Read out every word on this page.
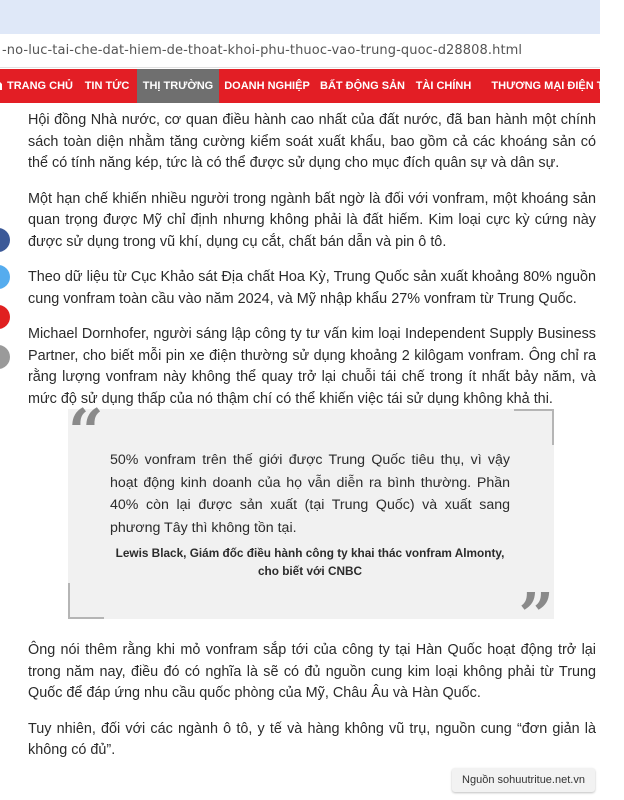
-no-luc-tai-che-dat-hiem-de-thoat-khoi-phu-thuoc-vao-trung-quoc-d28808.html
TRANG CHỦ	TIN TỨC	THỊ TRƯỜNG	DOANH NGHIỆP BẤT ĐỘNG SẢN TÀI CHÍNH	THƯƠNG MẠI ĐIỆN TỬ

Hội đồng Nhà nước, cơ quan điều hành cao nhất của đất nước, đã ban hành một chính sách toàn diện nhằm tăng cường kiểm soát xuất khẩu, bao gồm cả các khoáng sản có thể có tính năng kép, tức là có thể được sử dụng cho mục đích quân sự và dân sự.

Một hạn chế khiến nhiều người trong ngành bất ngờ là đối với vonfram, một khoáng sản quan trọng được Mỹ chỉ định nhưng không phải là đất hiếm. Kim loại cực kỳ cứng này được sử dụng trong vũ khí, dụng cụ cắt, chất bán dẫn và pin ô tô.

Theo dữ liệu từ Cục Khảo sát Địa chất Hoa Kỳ, Trung Quốc sản xuất khoảng 80% nguồn cung vonfram toàn cầu vào năm 2024, và Mỹ nhập khẩu 27% vonfram từ Trung Quốc.

Michael Dornhofer, người sáng lập công ty tư vấn kim loại Independent Supply Business Partner, cho biết mỗi pin xe điện thường sử dụng khoảng 2 kilôgam vonfram. Ông chỉ ra rằng lượng vonfram này không thể quay trở lại chuỗi tái chế trong ít nhất bảy năm, và mức độ sử dụng thấp của nó thậm chí có thể khiến việc tái sử dụng không khả thi.

“
”

50% vonfram trên thế giới được Trung Quốc tiêu thụ, vì vậy hoạt động kinh doanh của họ vẫn diễn ra bình thường. Phần 40% còn lại được sản xuất (tại Trung Quốc) và xuất sang phương Tây thì không tồn tại.

Lewis Black, Giám đốc điều hành công ty khai thác vonfram Almonty, cho biết với CNBC

Ông nói thêm rằng khi mỏ vonfram sắp tới của công ty tại Hàn Quốc hoạt động trở lại trong năm nay, điều đó có nghĩa là sẽ có đủ nguồn cung kim loại không phải từ Trung Quốc để đáp ứng nhu cầu quốc phòng của Mỹ, Châu Âu và Hàn Quốc.

Tuy nhiên, đối với các ngành ô tô, y tế và hàng không vũ trụ, nguồn cung “đơn giản là không có đủ”.

Nguồn sohuutritue.net.vn
